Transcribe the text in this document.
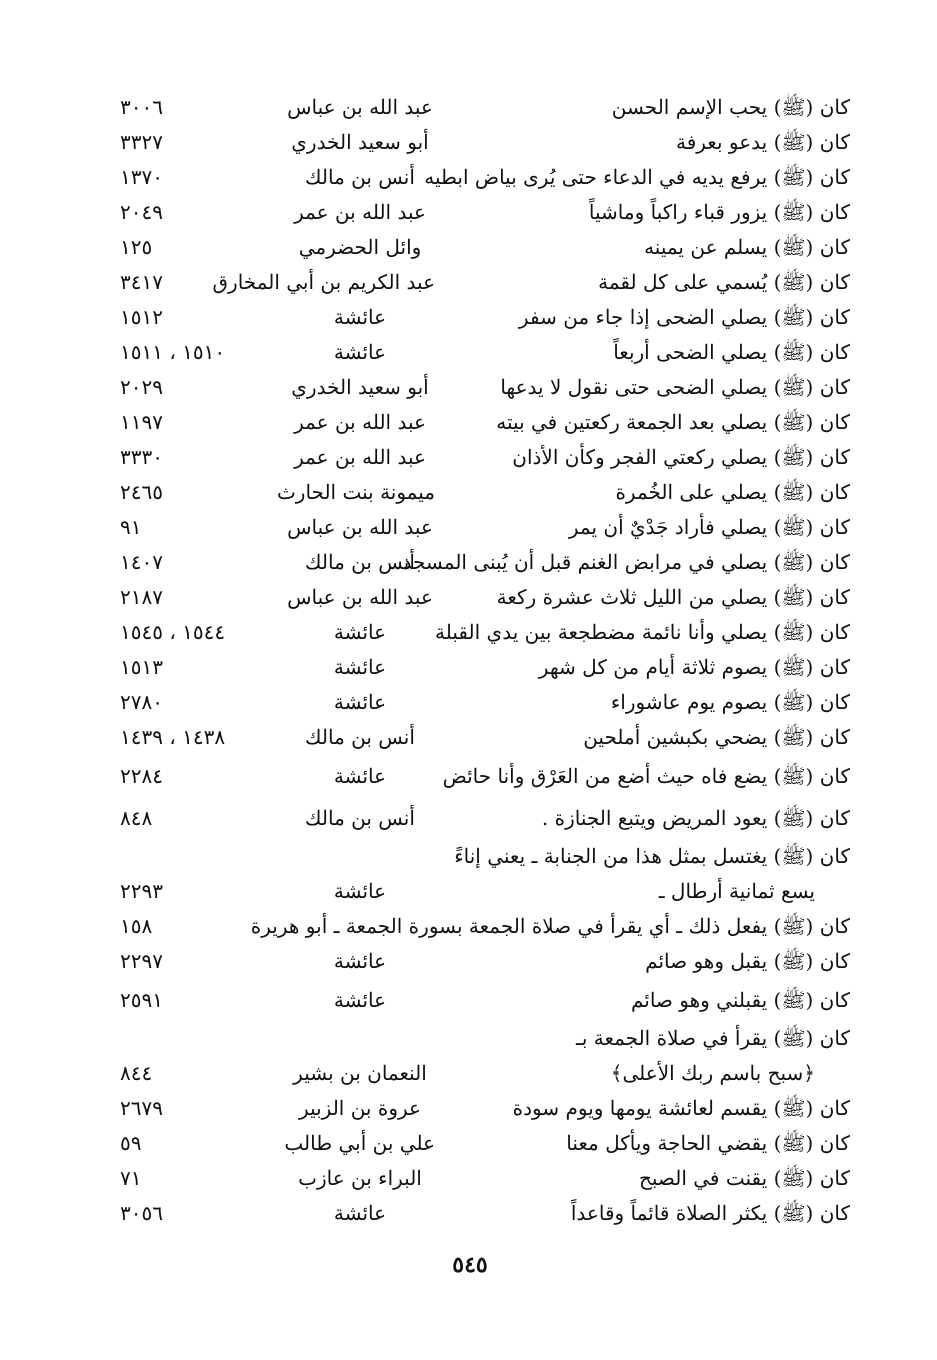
كان (ﷺ) يحب الإسم الحسن
عبد الله بن عباس
٣٠٠٦
كان (ﷺ) يدعو بعرفة
أبو سعيد الخدري
٣٣٢٧
كان (ﷺ) يرفع يديه في الدعاء حتى يُرى بياض ابطيه
أنس بن مالك
١٣٧٠
كان (ﷺ) يزور قباء راكباً وماشياً
عبد الله بن عمر
٢٠٤٩
كان (ﷺ) يسلم عن يمينه
وائل الحضرمي
١٢٥
كان (ﷺ) يُسمي على كل لقمة
عبد الكريم بن أبي المخارق
٣٤١٧
كان (ﷺ) يصلي الضحى إذا جاء من سفر
عائشة
١٥١٢
كان (ﷺ) يصلي الضحى أربعاً
عائشة
١٥١٠ ، ١٥١١
كان (ﷺ) يصلي الضحى حتى نقول لا يدعها
أبو سعيد الخدري
٢٠٢٩
كان (ﷺ) يصلي بعد الجمعة ركعتين في بيته
عبد الله بن عمر
١١٩٧
كان (ﷺ) يصلي ركعتي الفجر وكأن الأذان
عبد الله بن عمر
٣٣٣٠
كان (ﷺ) يصلي على الخُمرة
ميمونة بنت الحارث
٢٤٦٥
كان (ﷺ) يصلي فأراد جَدْيٌ أن يمر
عبد الله بن عباس
٩١
كان (ﷺ) يصلي في مرابض الغنم قبل أن يُبنى المسجد
أنس بن مالك
١٤٠٧
كان (ﷺ) يصلي من الليل ثلاث عشرة ركعة
عبد الله بن عباس
٢١٨٧
كان (ﷺ) يصلي وأنا نائمة مضطجعة بين يدي القبلة
عائشة
١٥٤٤ ، ١٥٤٥
كان (ﷺ) يصوم ثلاثة أيام من كل شهر
عائشة
١٥١٣
كان (ﷺ) يصوم يوم عاشوراء
عائشة
٢٧٨٠
كان (ﷺ) يضحي بكبشين أملحين
أنس بن مالك
١٤٣٨ ، ١٤٣٩
كان (ﷺ) يضع فاه حيث أضع من العَرْق وأنا حائض
عائشة
٢٢٨٤
كان (ﷺ) يعود المريض ويتبع الجنازة .
أنس بن مالك
٨٤٨
كان (ﷺ) يغتسل بمثل هذا من الجنابة ـ يعني إناءً
يسع ثمانية أرطال ـ
عائشة
٢٢٩٣
كان (ﷺ) يفعل ذلك ـ أي يقرأ في صلاة الجمعة بسورة الجمعة ـ أبو هريرة
١٥٨
كان (ﷺ) يقبل وهو صائم
عائشة
٢٢٩٧
كان (ﷺ) يقبلني وهو صائم
عائشة
٢٥٩١
كان (ﷺ) يقرأ في صلاة الجمعة بـ
﴿سبح باسم ربك الأعلى﴾
النعمان بن بشير
٨٤٤
كان (ﷺ) يقسم لعائشة يومها ويوم سودة
عروة بن الزبير
٢٦٧٩
كان (ﷺ) يقضي الحاجة ويأكل معنا
علي بن أبي طالب
٥٩
كان (ﷺ) يقنت في الصبح
البراء بن عازب
٧١
كان (ﷺ) يكثر الصلاة قائماً وقاعداً
عائشة
٣٠٥٦
٥٤٥
